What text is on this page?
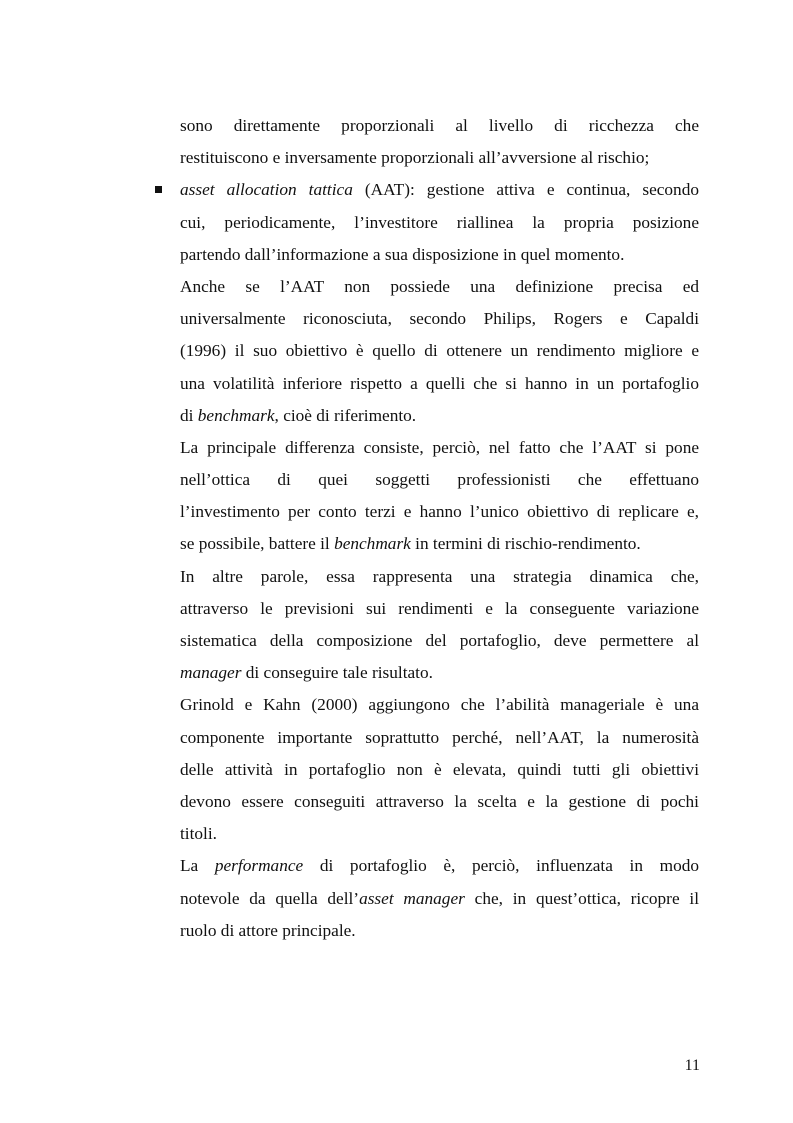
sono direttamente proporzionali al livello di ricchezza che
restituiscono e inversamente proporzionali all’avversione al rischio;
asset allocation tattica (AAT): gestione attiva e continua, secondo
cui, periodicamente, l’investitore riallinea la propria posizione
partendo dall’informazione a sua disposizione in quel momento.
Anche se l’AAT non possiede una definizione precisa ed
universalmente riconosciuta, secondo Philips, Rogers e Capaldi
(1996) il suo obiettivo è quello di ottenere un rendimento migliore e
una volatilità inferiore rispetto a quelli che si hanno in un portafoglio
di benchmark, cioè di riferimento.
La principale differenza consiste, perciò, nel fatto che l’AAT si pone
nell’ottica di quei soggetti professionisti che effettuano
l’investimento per conto terzi e hanno l’unico obiettivo di replicare e,
se possibile, battere il benchmark in termini di rischio-rendimento.
In altre parole, essa rappresenta una strategia dinamica che,
attraverso le previsioni sui rendimenti e la conseguente variazione
sistematica della composizione del portafoglio, deve permettere al
manager di conseguire tale risultato.
Grinold e Kahn (2000) aggiungono che l’abilità manageriale è una
componente importante soprattutto perché, nell’AAT, la numerosità
delle attività in portafoglio non è elevata, quindi tutti gli obiettivi
devono essere conseguiti attraverso la scelta e la gestione di pochi
titoli.
La performance di portafoglio è, perciò, influenzata in modo
notevole da quella dell’asset manager che, in quest’ottica, ricopre il
ruolo di attore principale.
11
